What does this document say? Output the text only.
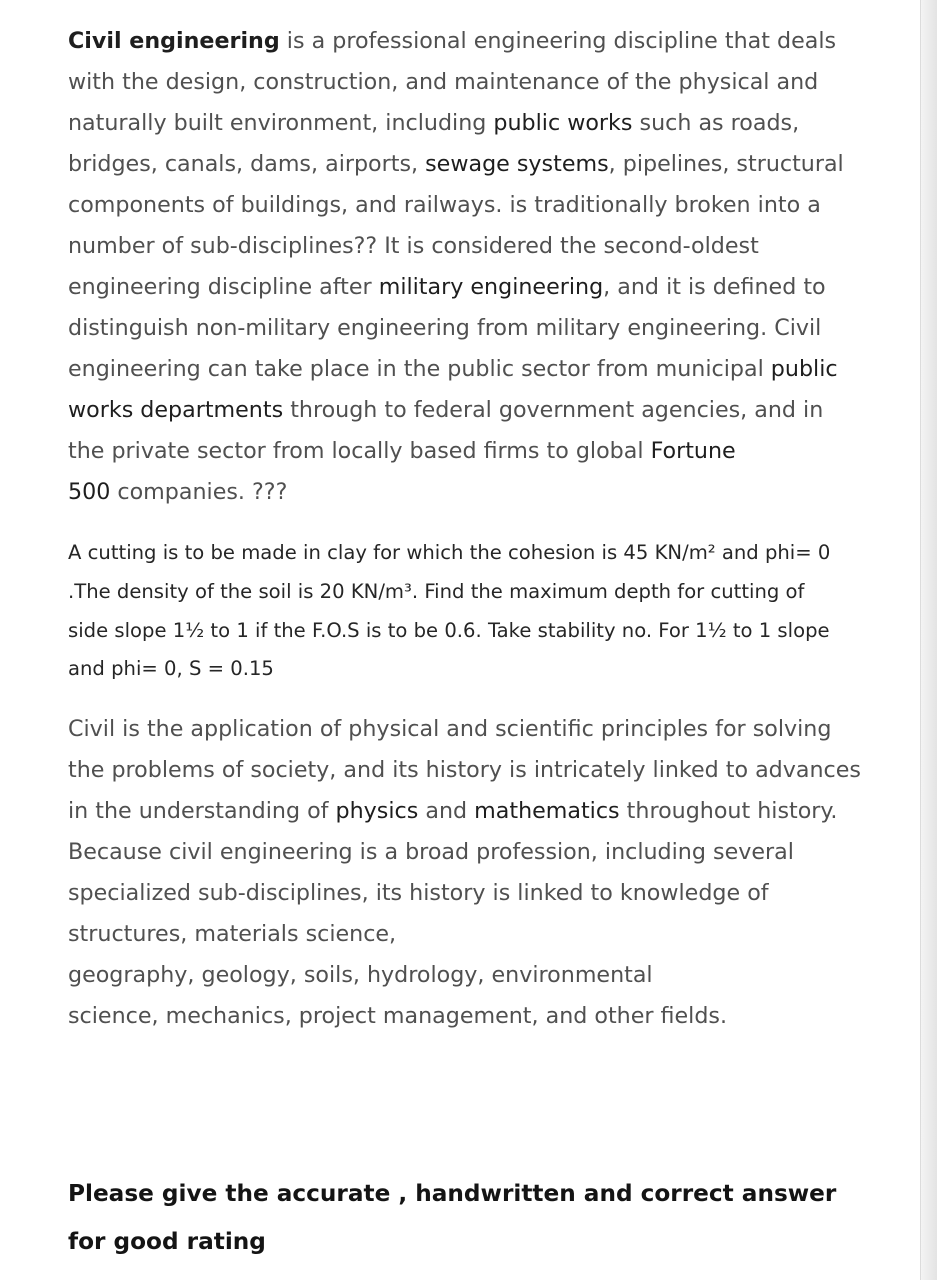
Civil engineering is a professional engineering discipline that deals
with the design, construction, and maintenance of the physical and
naturally built environment, including public works such as roads,
bridges, canals, dams, airports, sewage systems, pipelines, structural
components of buildings, and railways. is traditionally broken into a
number of sub-disciplines?? It is considered the second-oldest
engineering discipline after military engineering, and it is defined to
distinguish non-military engineering from military engineering. Civil
engineering can take place in the public sector from municipal public
works departments through to federal government agencies, and in
the private sector from locally based firms to global Fortune
500 companies. ???
A cutting is to be made in clay for which the cohesion is 45 KN/m² and phi= 0
.The density of the soil is 20 KN/m³. Find the maximum depth for cutting of
side slope 1½ to 1 if the F.O.S is to be 0.6. Take stability no. For 1½ to 1 slope
and phi= 0, S = 0.15
Civil is the application of physical and scientific principles for solving
the problems of society, and its history is intricately linked to advances
in the understanding of physics and mathematics throughout history.
Because civil engineering is a broad profession, including several
specialized sub-disciplines, its history is linked to knowledge of
structures, materials science,
geography, geology, soils, hydrology, environmental
science, mechanics, project management, and other fields.
Please give the accurate , handwritten and correct answer
for good rating
